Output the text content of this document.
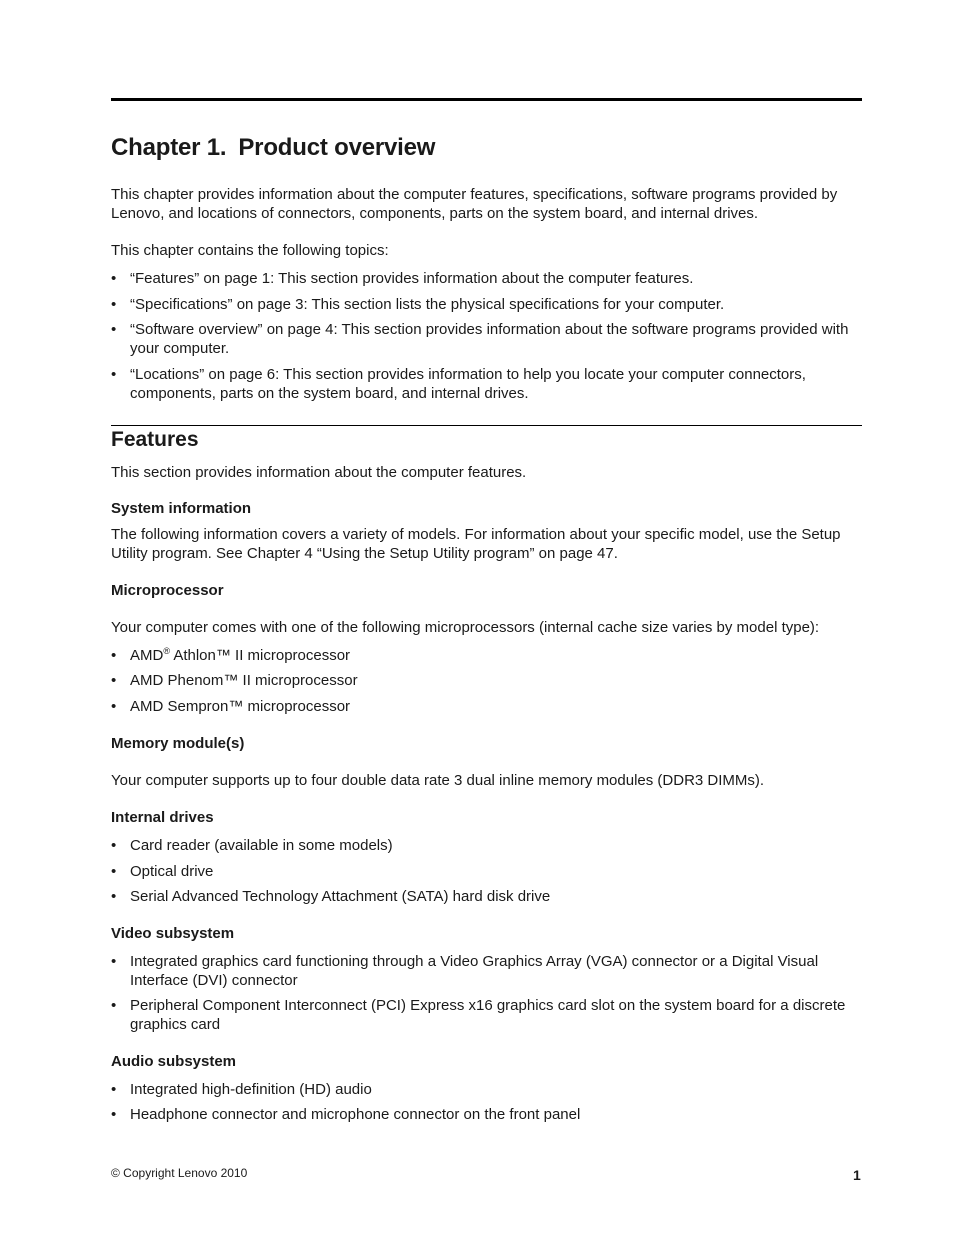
Chapter 1. Product overview

This chapter provides information about the computer features, specifications, software programs provided by Lenovo, and locations of connectors, components, parts on the system board, and internal drives.

This chapter contains the following topics:

• “Features” on page 1: This section provides information about the computer features.
• “Specifications” on page 3: This section lists the physical specifications for your computer.
• “Software overview” on page 4: This section provides information about the software programs provided with your computer.
• “Locations” on page 6: This section provides information to help you locate your computer connectors, components, parts on the system board, and internal drives.
Features

This section provides information about the computer features.

System information

The following information covers a variety of models. For information about your specific model, use the Setup Utility program. See Chapter 4 “Using the Setup Utility program” on page 47.

Microprocessor

Your computer comes with one of the following microprocessors (internal cache size varies by model type):

• AMD® Athlon™ II microprocessor
• AMD Phenom™ II microprocessor
• AMD Sempron™ microprocessor
Memory module(s)

Your computer supports up to four double data rate 3 dual inline memory modules (DDR3 DIMMs).

Internal drives
• Card reader (available in some models)
• Optical drive
• Serial Advanced Technology Attachment (SATA) hard disk drive
Video subsystem
• Integrated graphics card functioning through a Video Graphics Array (VGA) connector or a Digital Visual Interface (DVI) connector
• Peripheral Component Interconnect (PCI) Express x16 graphics card slot on the system board for a discrete graphics card
Audio subsystem
• Integrated high-definition (HD) audio
• Headphone connector and microphone connector on the front panel
© Copyright Lenovo 2010	1
